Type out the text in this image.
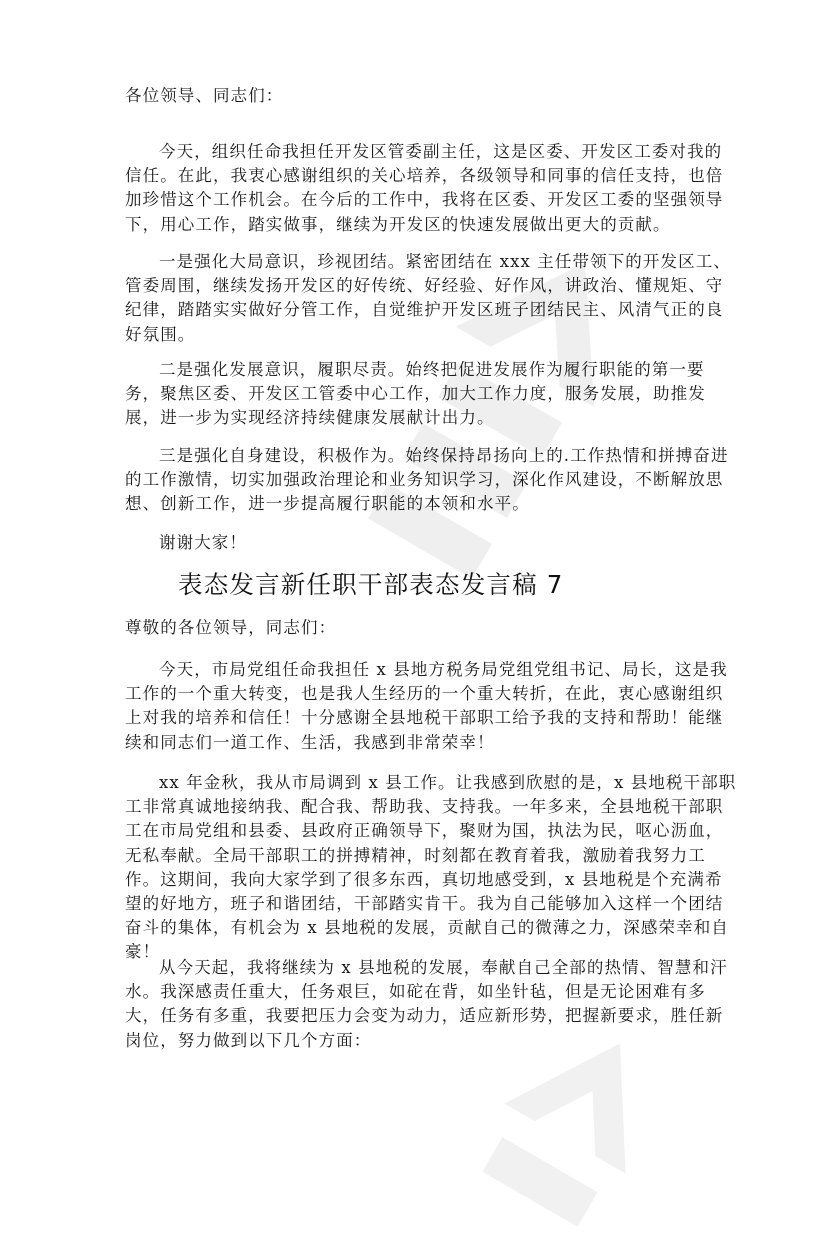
各位领导、同志们：
今天，组织任命我担任开发区管委副主任，这是区委、开发区工委对我的
信任。在此，我衷心感谢组织的关心培养，各级领导和同事的信任支持，也倍
加珍惜这个工作机会。在今后的工作中，我将在区委、开发区工委的坚强领导
下，用心工作，踏实做事，继续为开发区的快速发展做出更大的贡献。
一是强化大局意识，珍视团结。紧密团结在 xxx 主任带领下的开发区工、
管委周围，继续发扬开发区的好传统、好经验、好作风，讲政治、懂规矩、守
纪律，踏踏实实做好分管工作，自觉维护开发区班子团结民主、风清气正的良
好氛围。
二是强化发展意识，履职尽责。始终把促进发展作为履行职能的第一要
务，聚焦区委、开发区工管委中心工作，加大工作力度，服务发展，助推发
展，进一步为实现经济持续健康发展献计出力。
三是强化自身建设，积极作为。始终保持昂扬向上的.工作热情和拼搏奋进
的工作激情，切实加强政治理论和业务知识学习，深化作风建设，不断解放思
想、创新工作，进一步提高履行职能的本领和水平。
谢谢大家！
尊敬的各位领导，同志们：
今天，市局党组任命我担任 x 县地方税务局党组党组书记、局长，这是我
工作的一个重大转变，也是我人生经历的一个重大转折，在此，衷心感谢组织
上对我的培养和信任！十分感谢全县地税干部职工给予我的支持和帮助！能继
续和同志们一道工作、生活，我感到非常荣幸！
xx 年金秋，我从市局调到 x 县工作。让我感到欣慰的是，x 县地税干部职
工非常真诚地接纳我、配合我、帮助我、支持我。一年多来，全县地税干部职
工在市局党组和县委、县政府正确领导下，聚财为国，执法为民，呕心沥血，
无私奉献。全局干部职工的拼搏精神，时刻都在教育着我，激励着我努力工
作。这期间，我向大家学到了很多东西，真切地感受到，x 县地税是个充满希
望的好地方，班子和谐团结，干部踏实肯干。我为自己能够加入这样一个团结
奋斗的集体，有机会为 x 县地税的发展，贡献自己的微薄之力，深感荣幸和自
豪！
从今天起，我将继续为 x 县地税的发展，奉献自己全部的热情、智慧和汗
水。我深感责任重大，任务艰巨，如砣在背，如坐针毡，但是无论困难有多
大，任务有多重，我要把压力会变为动力，适应新形势，把握新要求，胜任新
岗位，努力做到以下几个方面：
表态发言新任职干部表态发言稿 7
